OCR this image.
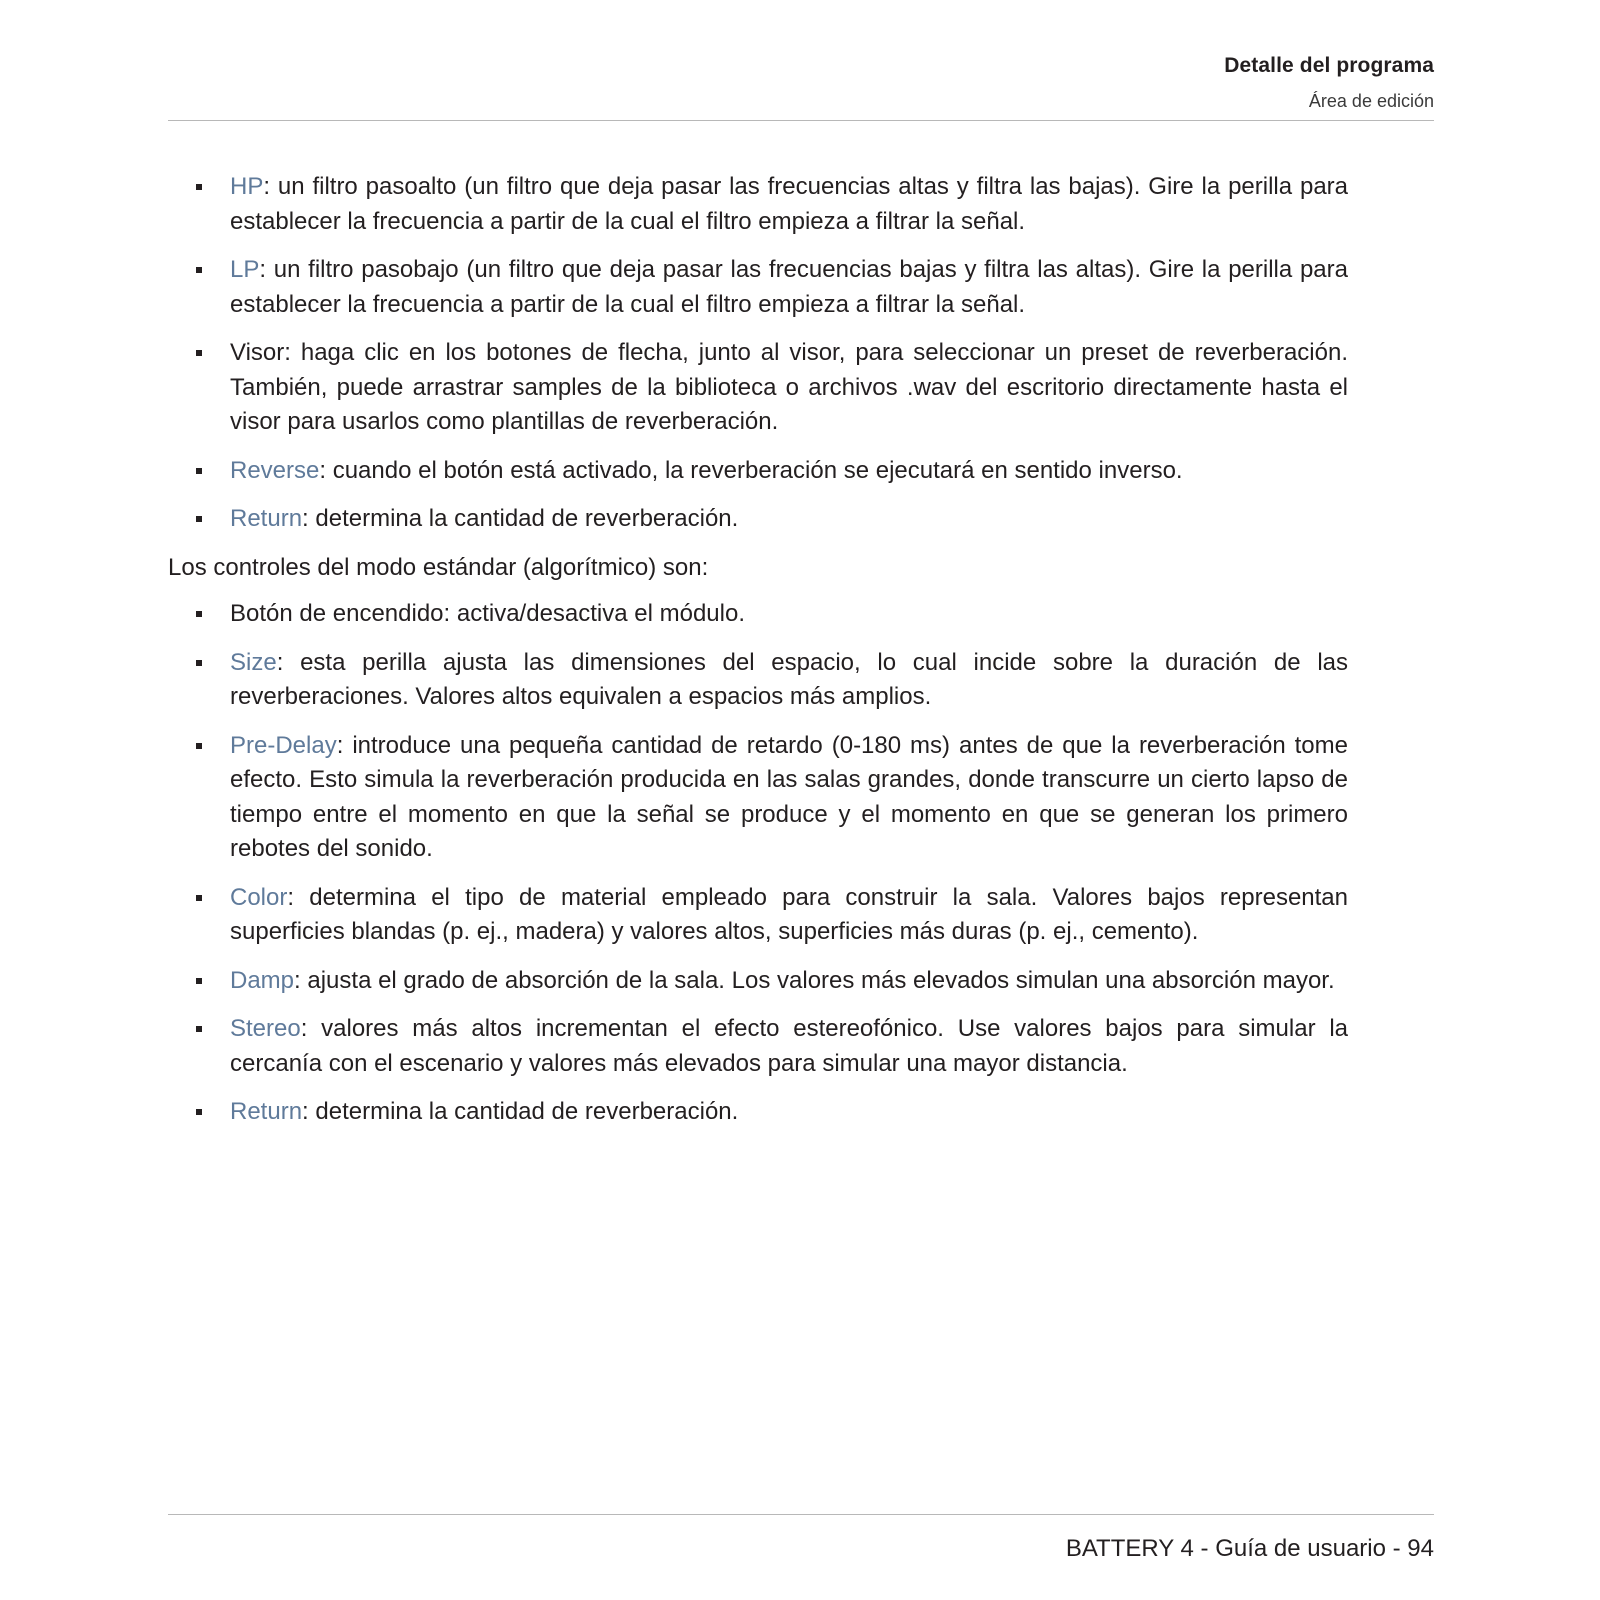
Detalle del programa
Área de edición
HP: un filtro pasoalto (un filtro que deja pasar las frecuencias altas y filtra las bajas). Gire la perilla para establecer la frecuencia a partir de la cual el filtro empieza a filtrar la señal.
LP: un filtro pasobajo (un filtro que deja pasar las frecuencias bajas y filtra las altas). Gire la perilla para establecer la frecuencia a partir de la cual el filtro empieza a filtrar la señal.
Visor: haga clic en los botones de flecha, junto al visor, para seleccionar un preset de reverberación. También, puede arrastrar samples de la biblioteca o archivos .wav del escritorio directamente hasta el visor para usarlos como plantillas de reverberación.
Reverse: cuando el botón está activado, la reverberación se ejecutará en sentido inverso.
Return: determina la cantidad de reverberación.

Los controles del modo estándar (algorítmico) son:

Botón de encendido: activa/desactiva el módulo.
Size: esta perilla ajusta las dimensiones del espacio, lo cual incide sobre la duración de las reverberaciones. Valores altos equivalen a espacios más amplios.
Pre-Delay: introduce una pequeña cantidad de retardo (0-180 ms) antes de que la reverberación tome efecto. Esto simula la reverberación producida en las salas grandes, donde transcurre un cierto lapso de tiempo entre el momento en que la señal se produce y el momento en que se generan los primero rebotes del sonido.
Color: determina el tipo de material empleado para construir la sala. Valores bajos representan superficies blandas (p. ej., madera) y valores altos, superficies más duras (p. ej., cemento).
Damp: ajusta el grado de absorción de la sala. Los valores más elevados simulan una absorción mayor.
Stereo: valores más altos incrementan el efecto estereofónico. Use valores bajos para simular la cercanía con el escenario y valores más elevados para simular una mayor distancia.
Return: determina la cantidad de reverberación.
BATTERY 4 - Guía de usuario - 94
